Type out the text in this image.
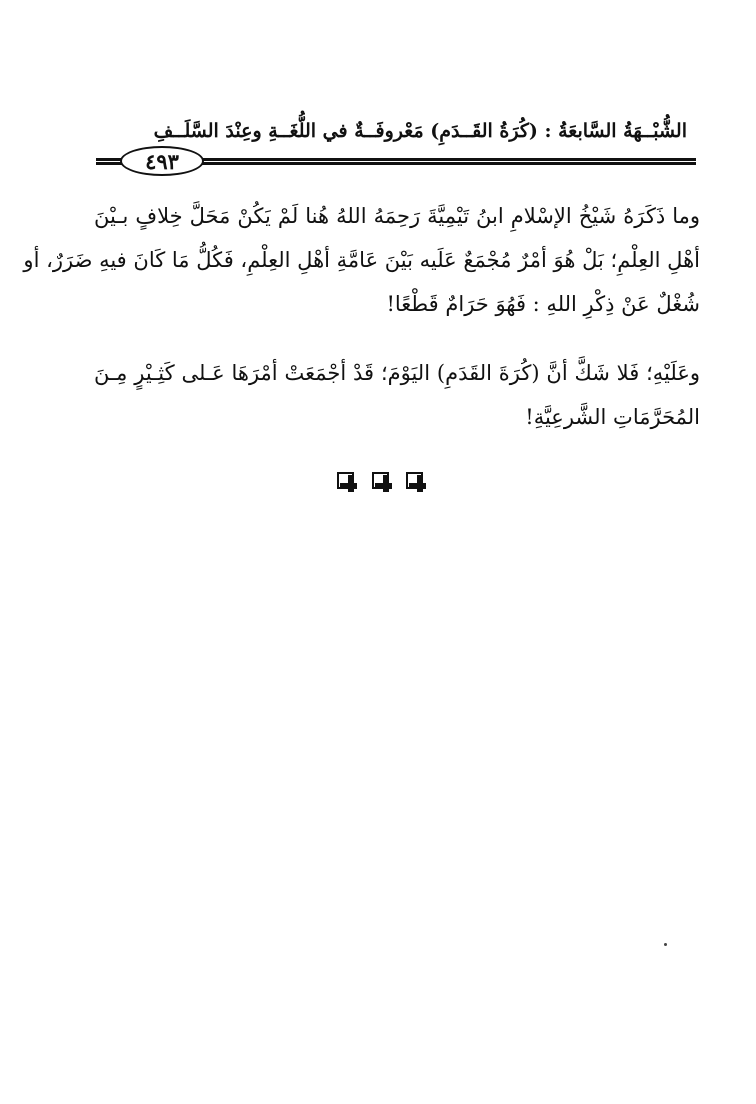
الشُّبْــهَةُ السَّابعَةُ : (كُرَةُ القَــدَمِ) مَعْروفَــةٌ في اللُّغَــةِ وعِنْدَ السَّلَــفِ
٤٩٣
وما ذَكَرَهُ شَيْخُ الإسْلامِ ابنُ تَيْمِيَّةَ رَحِمَهُ اللهُ هُنا لَمْ يَكُنْ مَحَلَّ خِلافٍ بـيْنَ
أهْلِ العِلْمِ؛ بَلْ هُوَ أمْرٌ مُجْمَعٌ عَلَيه بَيْنَ عَامَّةِ أهْلِ العِلْمِ، فَكُلُّ مَا كَانَ فيهِ ضَرَرٌ، أو
شُغْلٌ عَنْ ذِكْرِ اللهِ : فَهُوَ حَرَامٌ قَطْعًا!
وعَلَيْهِ؛ فَلا شَكَّ أنَّ (كُرَةَ القَدَمِ) اليَوْمَ؛ قَدْ أجْمَعَتْ أمْرَهَا عَـلى كَثِـيْرٍ مِـنَ
المُحَرَّمَاتِ الشَّرعِيَّةِ!
